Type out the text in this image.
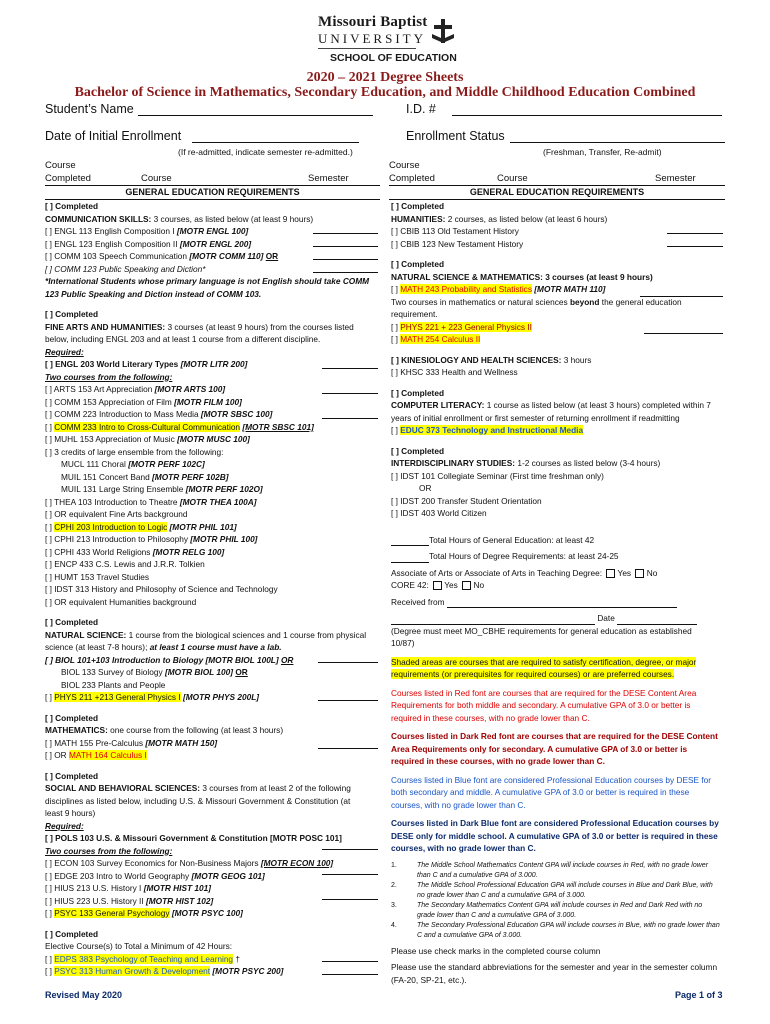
Missouri Baptist
UNIVERSITY
SCHOOL OF EDUCATION
2020 – 2021 Degree Sheets
Bachelor of Science in Mathematics, Secondary Education, and Middle Childhood Education Combined
Student’s Name	I.D. #
Date of Initial Enrollment	Enrollment Status
(If re-admitted, indicate semester re-admitted.)	(Freshman, Transfer, Re-admit)
Course
Completed	Course	Semester
Course
Completed	Course	Semester
GENERAL EDUCATION REQUIREMENTS	GENERAL EDUCATION REQUIREMENTS
[ ] Completed
COMMUNICATION SKILLS: 3 courses, as listed below (at least 9 hours)
[ ] ENGL 113 English Composition I [MOTR ENGL 100]
[ ] ENGL 123 English Composition II [MOTR ENGL 200]
[ ] COMM 103 Speech Communication [MOTR COMM 110] OR
[ ] COMM 123 Public Speaking and Diction*
*International Students whose primary language is not English should take COMM
123 Public Speaking and Diction instead of COMM 103.
[ ] Completed
FINE ARTS AND HUMANITIES: 3 courses (at least 9 hours) from the courses listed
below, including ENGL 203 and at least 1 course from a different discipline.
Required:
[ ] ENGL 203 World Literary Types [MOTR LITR 200]
Two courses from the following:
[ ] ARTS 153 Art Appreciation [MOTR ARTS 100]
[ ] COMM 153 Appreciation of Film [MOTR FILM 100]
[ ] COMM 223 Introduction to Mass Media [MOTR SBSC 100]
[ ] COMM 233 Intro to Cross-Cultural Communication [MOTR SBSC 101]
[ ] MUHL 153 Appreciation of Music [MOTR MUSC 100]
[ ] 3 credits of large ensemble from the following:
MUCL 111 Choral [MOTR PERF 102C]
MUIL 151 Concert Band [MOTR PERF 102B]
MUIL 131 Large String Ensemble [MOTR PERF 102O]
[ ] THEA 103 Introduction to Theatre [MOTR THEA 100A]
[ ] OR equivalent Fine Arts background
[ ] CPHI 203 Introduction to Logic [MOTR PHIL 101]
[ ] CPHI 213 Introduction to Philosophy [MOTR PHIL 100]
[ ] CPHI 433 World Religions [MOTR RELG 100]
[ ] ENCP 433 C.S. Lewis and J.R.R. Tolkien
[ ] HUMT 153 Travel Studies
[ ] IDST 313 History and Philosophy of Science and Technology
[ ] OR equivalent Humanities background
[ ] Completed
NATURAL SCIENCE: 1 course from the biological sciences and 1 course from physical
science (at least 7-8 hours); at least 1 course must have a lab.
[ ] BIOL 101+103 Introduction to Biology [MOTR BIOL 100L] OR
BIOL 133 Survey of Biology [MOTR BIOL 100] OR
BIOL 233 Plants and People
[ ] PHYS 211 +213 General Physics I [MOTR PHYS 200L]
[ ] Completed
MATHEMATICS: one course from the following (at least 3 hours)
[ ] MATH 155 Pre-Calculus [MOTR MATH 150]
[ ] OR MATH 164 Calculus I
[ ] Completed
SOCIAL AND BEHAVIORAL SCIENCES: 3 courses from at least 2 of the following
disciplines as listed below, including U.S. & Missouri Government & Constitution (at
least 9 hours)
Required:
[ ] POLS 103 U.S. & Missouri Government & Constitution [MOTR POSC 101]
Two courses from the following:
[ ] ECON 103 Survey Economics for Non-Business Majors [MOTR ECON 100]
[ ] EDGE 203 Intro to World Geography [MOTR GEOG 101]
[ ] HIUS 213 U.S. History I [MOTR HIST 101]
[ ] HIUS 223 U.S. History II [MOTR HIST 102]
[ ] PSYC 133 General Psychology [MOTR PSYC 100]
[ ] Completed
Elective Course(s) to Total a Minimum of 42 Hours:
[ ] EDPS 383 Psychology of Teaching and Learning †
[ ] PSYC 313 Human Growth & Development [MOTR PSYC 200]
[ ] Completed
HUMANITIES: 2 courses, as listed below (at least 6 hours)
[ ] CBIB 113 Old Testament History
[ ] CBIB 123 New Testament History
[ ] Completed
NATURAL SCIENCE & MATHEMATICS: 3 courses (at least 9 hours)
[ ] MATH 243 Probability and Statistics [MOTR MATH 110]
Two courses in mathematics or natural sciences beyond the general education
requirement.
[ ] PHYS 221 + 223 General Physics II
[ ] MATH 254 Calculus II
[ ] KINESIOLOGY AND HEALTH SCIENCES: 3 hours
[ ] KHSC 333 Health and Wellness
[ ] Completed
COMPUTER LITERACY: 1 course as listed below (at least 3 hours) completed within 7
years of initial enrollment or first semester of returning enrollment if readmitting
[ ] EDUC 373 Technology and Instructional Media
[ ] Completed
INTERDISCIPLINARY STUDIES: 1-2 courses as listed below (3-4 hours)
[ ] IDST 101 Collegiate Seminar (First time freshman only)
OR
[ ] IDST 200 Transfer Student Orientation
[ ] IDST 403 World Citizen
Total Hours of General Education: at least 42
Total Hours of Degree Requirements: at least 24-25
Associate of Arts or Associate of Arts in Teaching Degree: Yes No
CORE 42: Yes No
Received from
Date
(Degree must meet MO_CBHE requirements for general education as established
10/87)
Shaded areas are courses that are required to satisfy certification, degree, or major requirements (or prerequisites for required courses) or are preferred courses.
Courses listed in Red font are courses that are required for the DESE Content Area Requirements for both middle and secondary. A cumulative GPA of 3.0 or better is required in these courses, with no grade lower than C.
Courses listed in Dark Red font are courses that are required for the DESE Content Area Requirements only for secondary. A cumulative GPA of 3.0 or better is required in these courses, with no grade lower than C.
Courses listed in Blue font are considered Professional Education courses by DESE for both secondary and middle. A cumulative GPA of 3.0 or better is required in these courses, with no grade lower than C.
Courses listed in Dark Blue font are considered Professional Education courses by DESE only for middle school. A cumulative GPA of 3.0 or better is required in these courses, with no grade lower than C.
1.	The Middle School Mathematics Content GPA will include courses in Red, with no grade lower than C and a cumulative GPA of 3.000.
2.	The Middle School Professional Education GPA will include courses in Blue and Dark Blue, with no grade lower than C and a cumulative GPA of 3.000.
3.	The Secondary Mathematics Content GPA will include courses in Red and Dark Red with no grade lower than C and a cumulative GPA of 3.000.
4.	The Secondary Professional Education GPA will include courses in Blue, with no grade lower than C and a cumulative GPA of 3.000.
Please use check marks in the completed course column
Please use the standard abbreviations for the semester and year in the semester column (FA-20, SP-21, etc.).
Revised May 2020	Page 1 of 3
